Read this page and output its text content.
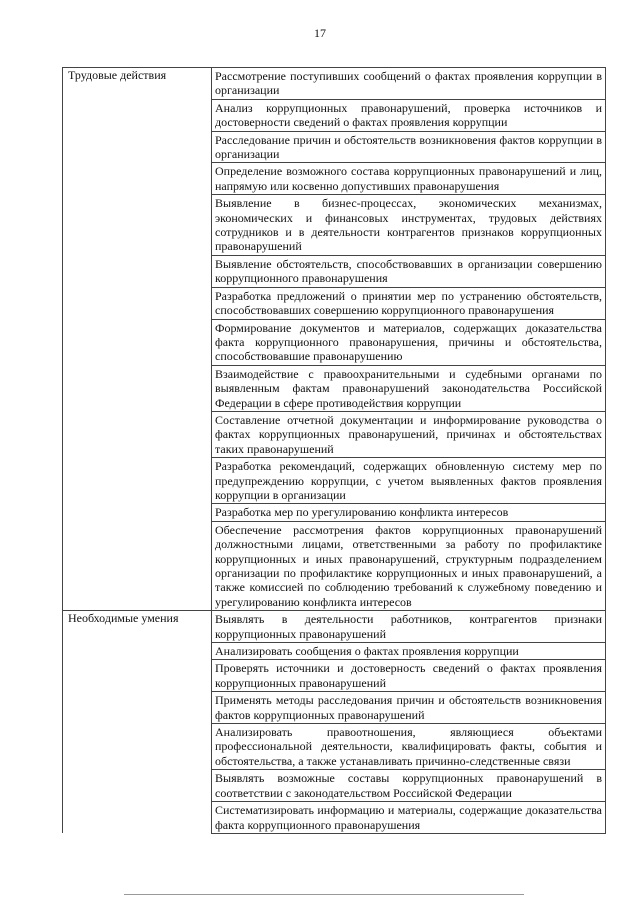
17
Трудовые действия	Рассмотрение поступивших сообщений о фактах проявления коррупции в организации
	Анализ коррупционных правонарушений, проверка источников и достоверности сведений о фактах проявления коррупции
	Расследование причин и обстоятельств возникновения фактов коррупции в организации
	Определение возможного состава коррупционных правонарушений и лиц, напрямую или косвенно допустивших правонарушения
	Выявление в бизнес-процессах, экономических механизмах, экономических и финансовых инструментах, трудовых действиях сотрудников и в деятельности контрагентов признаков коррупционных правонарушений
	Выявление обстоятельств, способствовавших в организации совершению коррупционного правонарушения
	Разработка предложений о принятии мер по устранению обстоятельств, способствовавших совершению коррупционного правонарушения
	Формирование документов и материалов, содержащих доказательства факта коррупционного правонарушения, причины и обстоятельства, способствовавшие правонарушению
	Взаимодействие с правоохранительными и судебными органами по выявленным фактам правонарушений законодательства Российской Федерации в сфере противодействия коррупции
	Составление отчетной документации и информирование руководства о фактах коррупционных правонарушений, причинах и обстоятельствах таких правонарушений
	Разработка рекомендаций, содержащих обновленную систему мер по предупреждению коррупции, с учетом выявленных фактов проявления коррупции в организации
	Разработка мер по урегулированию конфликта интересов
	Обеспечение рассмотрения фактов коррупционных правонарушений должностными лицами, ответственными за работу по профилактике коррупционных и иных правонарушений, структурным подразделением организации по профилактике коррупционных и иных правонарушений, а также комиссией по соблюдению требований к служебному поведению и урегулированию конфликта интересов
Необходимые умения	Выявлять в деятельности работников, контрагентов признаки коррупционных правонарушений
	Анализировать сообщения о фактах проявления коррупции
	Проверять источники и достоверность сведений о фактах проявления коррупционных правонарушений
	Применять методы расследования причин и обстоятельств возникновения фактов коррупционных правонарушений
	Анализировать правоотношения, являющиеся объектами профессиональной деятельности, квалифицировать факты, события и обстоятельства, а также устанавливать причинно-следственные связи
	Выявлять возможные составы коррупционных правонарушений в соответствии с законодательством Российской Федерации
	Систематизировать информацию и материалы, содержащие доказательства факта коррупционного правонарушения
